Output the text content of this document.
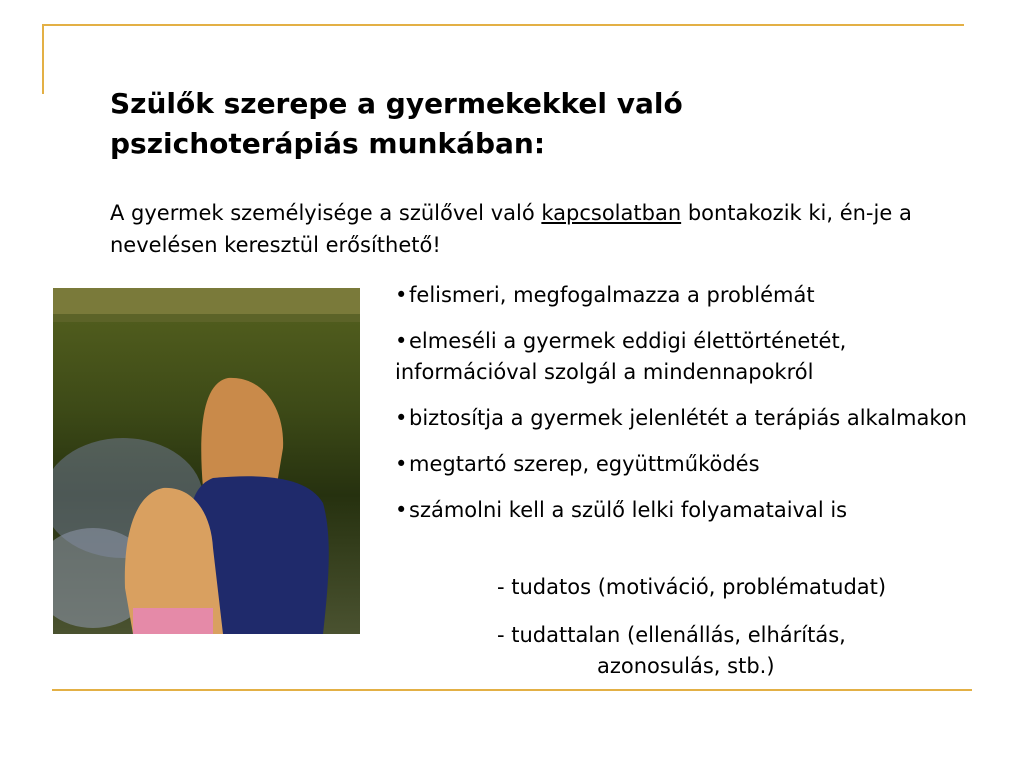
Szülők szerepe a gyermekekkel való
pszichoterápiás munkában:

A gyermek személyisége a szülővel való kapcsolatban bontakozik ki, én-je a nevelésen keresztül erősíthető!

•felismeri, megfogalmazza a problémát
•elmeséli a gyermek eddigi élettörténetét, információval szolgál a mindennapokról
•biztosítja a gyermek jelenlétét a terápiás alkalmakon
•megtartó szerep, együttműködés
•számolni kell a szülő lelki folyamataival is
- tudatos (motiváció, problématudat)
- tudattalan (ellenállás, elhárítás,
azonosulás, stb.)
